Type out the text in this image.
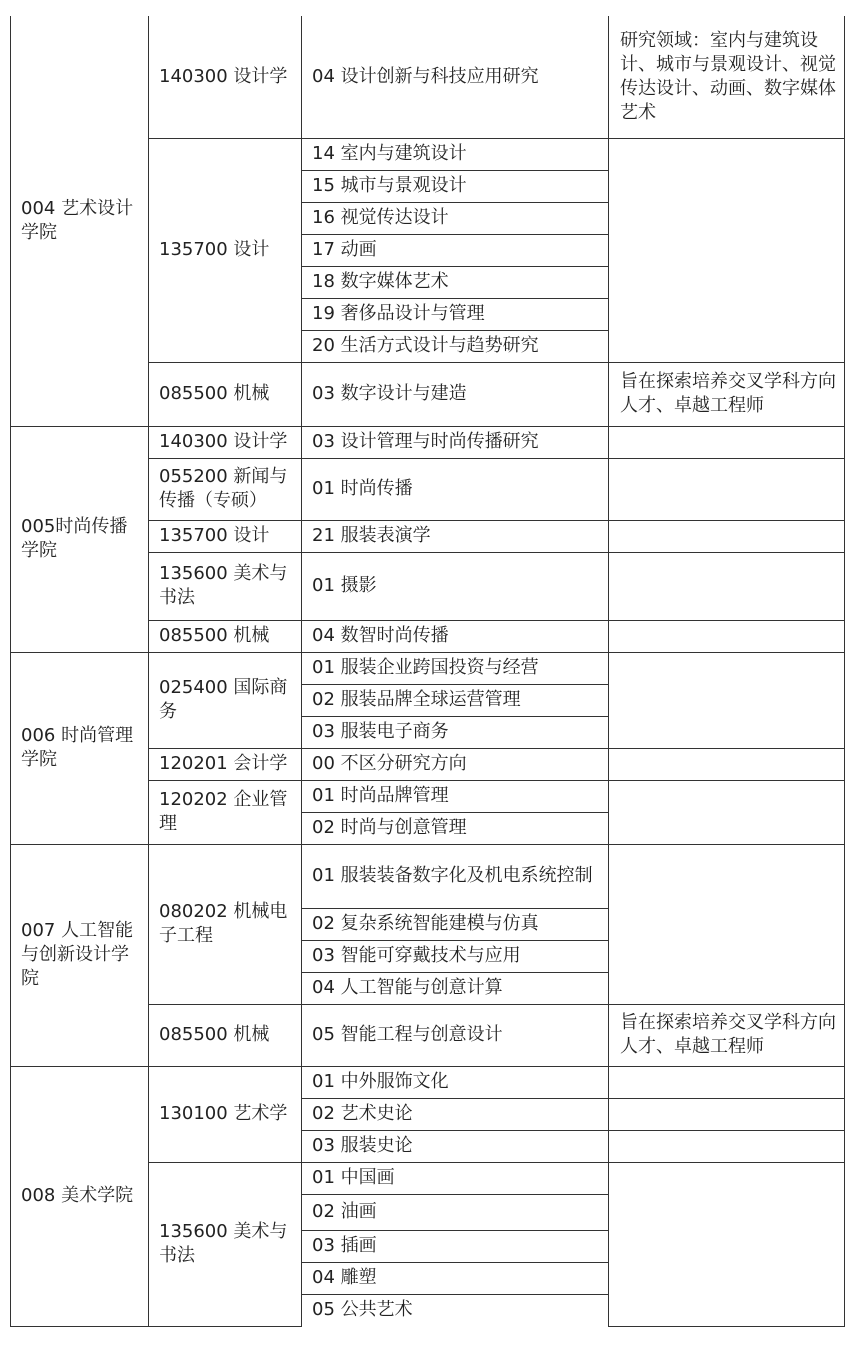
004 艺术设计学院	140300 设计学	04 设计创新与科技应用研究	研究领域：室内与建筑设计、城市与景观设计、视觉传达设计、动画、数字媒体艺术
	135700 设计	14 室内与建筑设计	
		15 城市与景观设计	
		16 视觉传达设计	
		17 动画	
		18 数字媒体艺术	
		19 奢侈品设计与管理	
		20 生活方式设计与趋势研究	
	085500 机械	03 数字设计与建造	旨在探索培养交叉学科方向人才、卓越工程师
005时尚传播学院	140300 设计学	03 设计管理与时尚传播研究	
	055200 新闻与传播（专硕）	01 时尚传播	
	135700 设计	21 服装表演学	
	135600 美术与书法	01 摄影	
	085500 机械	04 数智时尚传播	
006 时尚管理学院	025400 国际商务	01 服装企业跨国投资与经营	
		02 服装品牌全球运营管理	
		03 服装电子商务	
	120201 会计学	00 不区分研究方向	
	120202 企业管理	01 时尚品牌管理	
		02 时尚与创意管理	
007 人工智能与创新设计学院	080202 机械电子工程	01 服装装备数字化及机电系统控制	
		02 复杂系统智能建模与仿真	
		03 智能可穿戴技术与应用	
		04 人工智能与创意计算	
	085500 机械	05 智能工程与创意设计	旨在探索培养交叉学科方向人才、卓越工程师
008 美术学院	130100 艺术学	01 中外服饰文化	
		02 艺术史论	
		03 服装史论	
	135600 美术与书法	01 中国画	
		02 油画	
		03 插画	
		04 雕塑	
		05 公共艺术	
